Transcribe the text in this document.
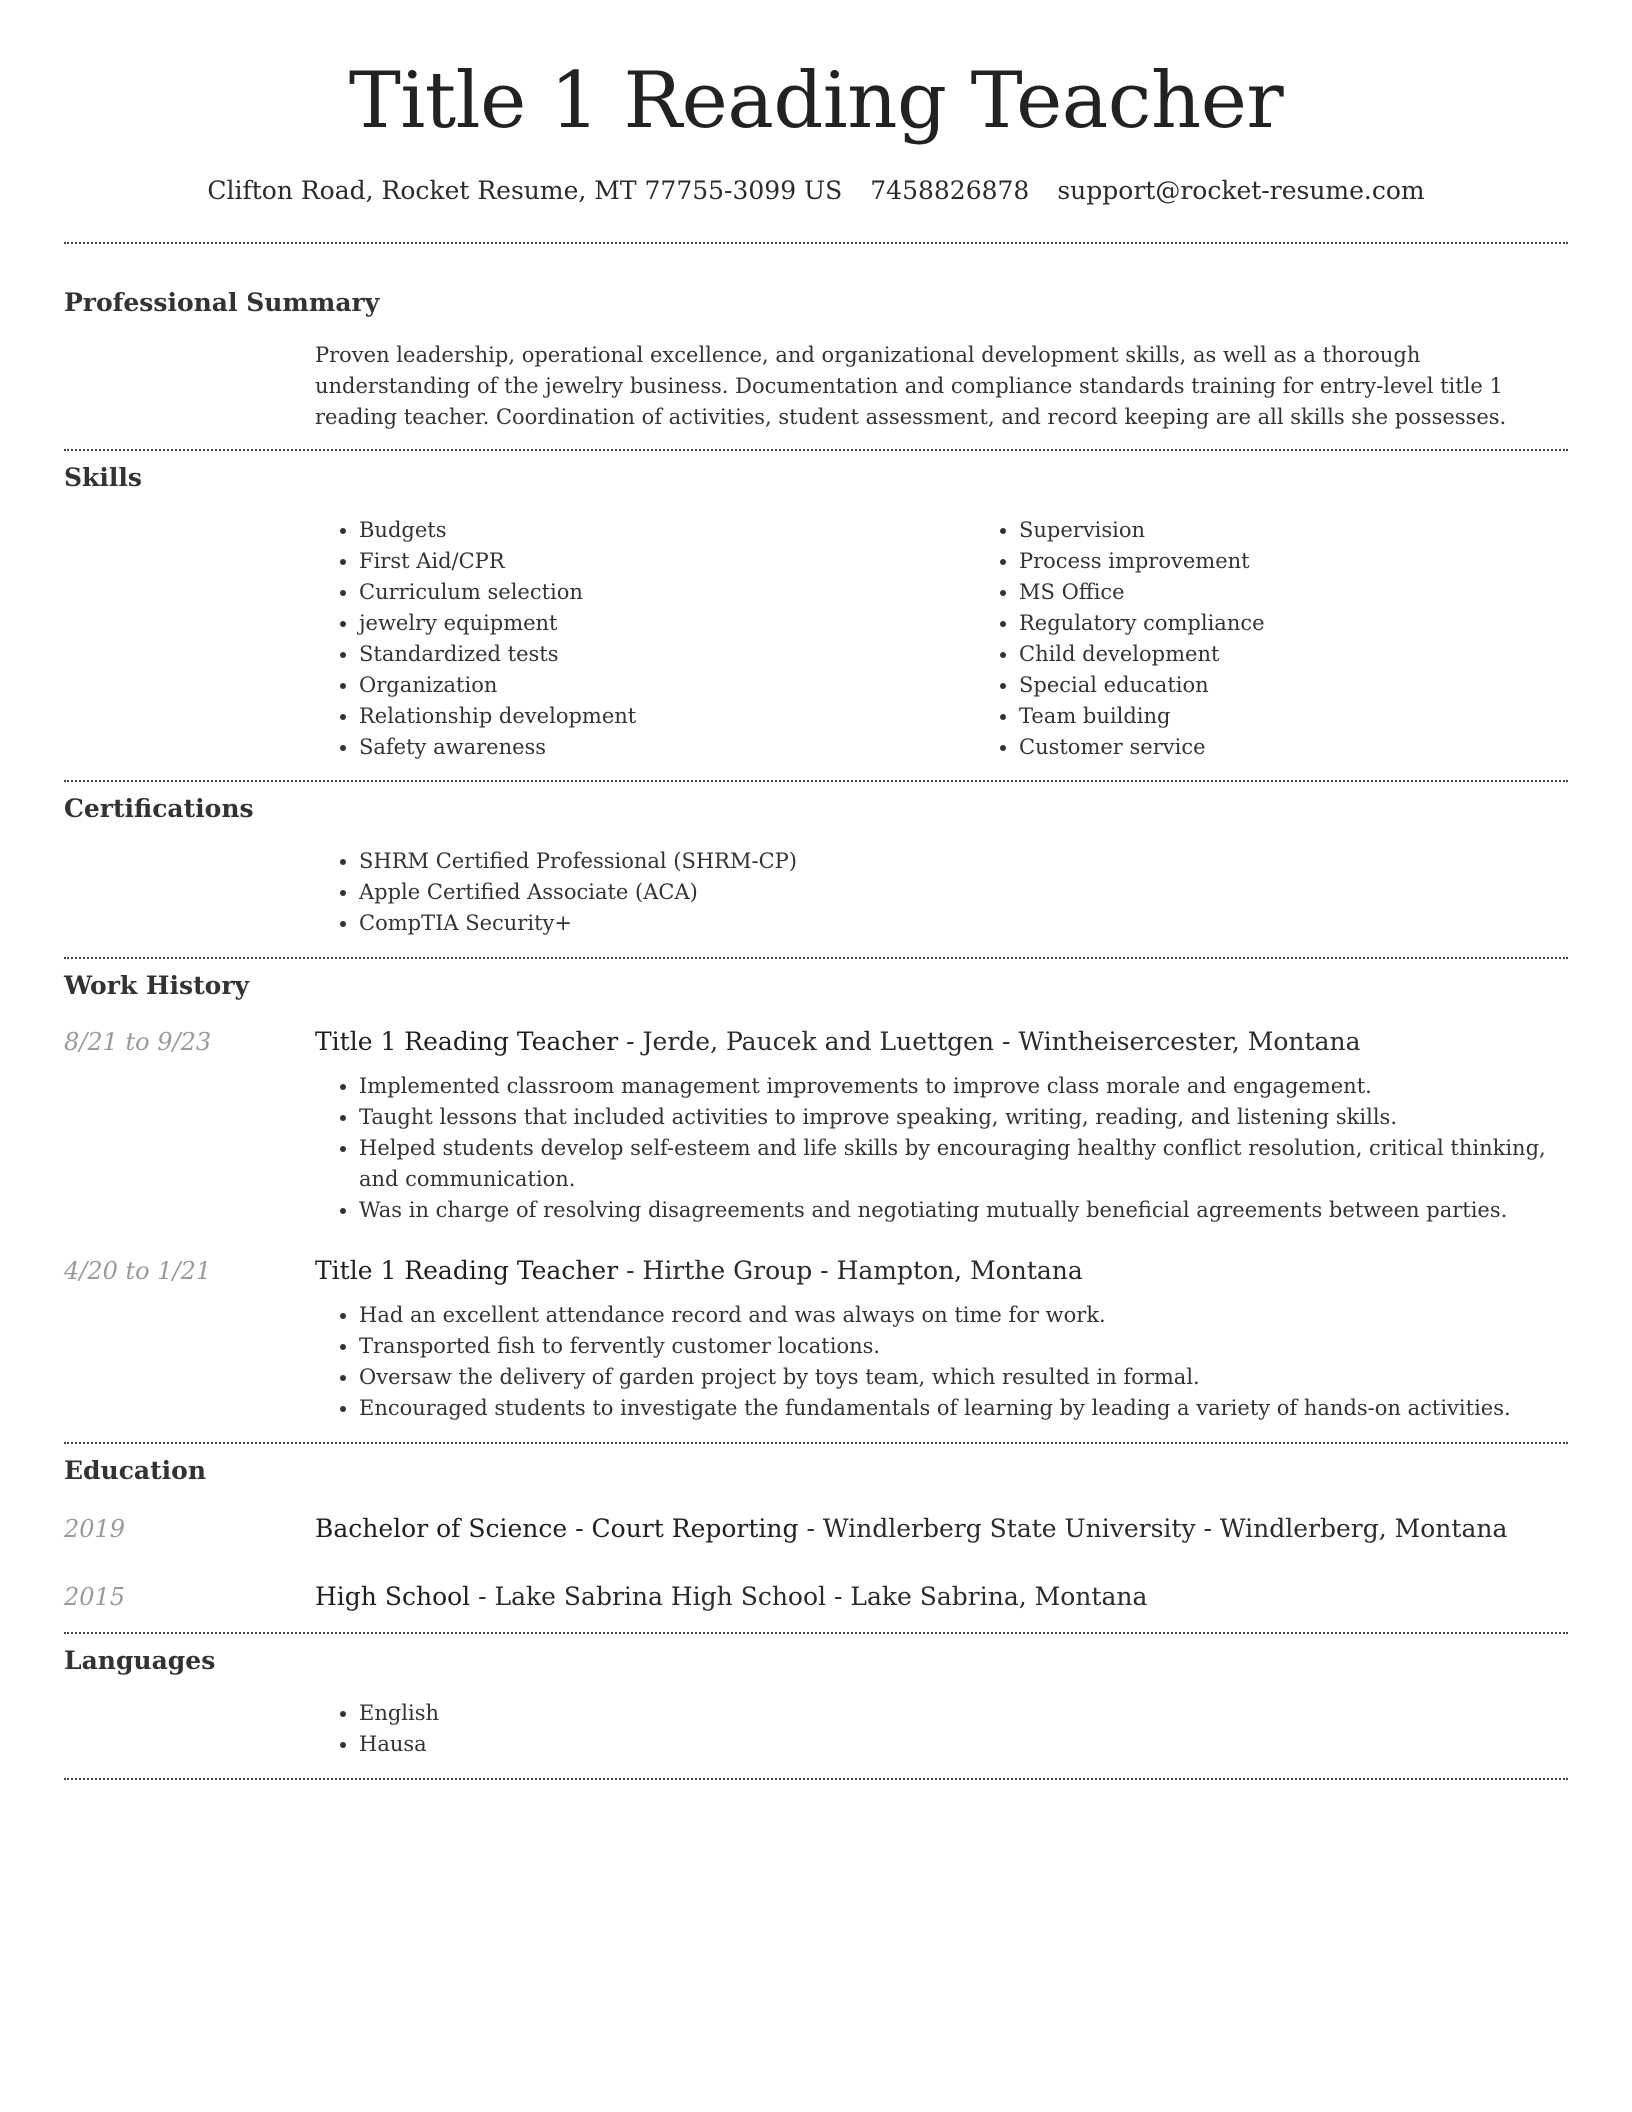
Title 1 Reading Teacher
Clifton Road, Rocket Resume, MT 77755-3099 US 7458826878 support@rocket-resume.com
Professional Summary

Proven leadership, operational excellence, and organizational development skills, as well as a thorough understanding of the jewelry business. Documentation and compliance standards training for entry-level title 1 reading teacher. Coordination of activities, student assessment, and record keeping are all skills she possesses.

Skills
• Budgets
• First Aid/CPR
• Curriculum selection
• jewelry equipment
• Standardized tests
• Organization
• Relationship development
• Safety awareness
• Supervision
• Process improvement
• MS Office
• Regulatory compliance
• Child development
• Special education
• Team building
• Customer service
Certifications
• SHRM Certified Professional (SHRM-CP)
• Apple Certified Associate (ACA)
• CompTIA Security+
Work History
8/21 to 9/23	Title 1 Reading Teacher - Jerde, Paucek and Luettgen - Wintheisercester, Montana

• Implemented classroom management improvements to improve class morale and engagement.
• Taught lessons that included activities to improve speaking, writing, reading, and listening skills.
• Helped students develop self-esteem and life skills by encouraging healthy conflict resolution, critical thinking, and communication.
• Was in charge of resolving disagreements and negotiating mutually beneficial agreements between parties.
4/20 to 1/21	Title 1 Reading Teacher - Hirthe Group - Hampton, Montana

• Had an excellent attendance record and was always on time for work.
• Transported fish to fervently customer locations.
• Oversaw the delivery of garden project by toys team, which resulted in formal.
• Encouraged students to investigate the fundamentals of learning by leading a variety of hands-on activities.
Education
2019	Bachelor of Science - Court Reporting - Windlerberg State University - Windlerberg, Montana

2015	High School - Lake Sabrina High School - Lake Sabrina, Montana

Languages
• English
• Hausa
